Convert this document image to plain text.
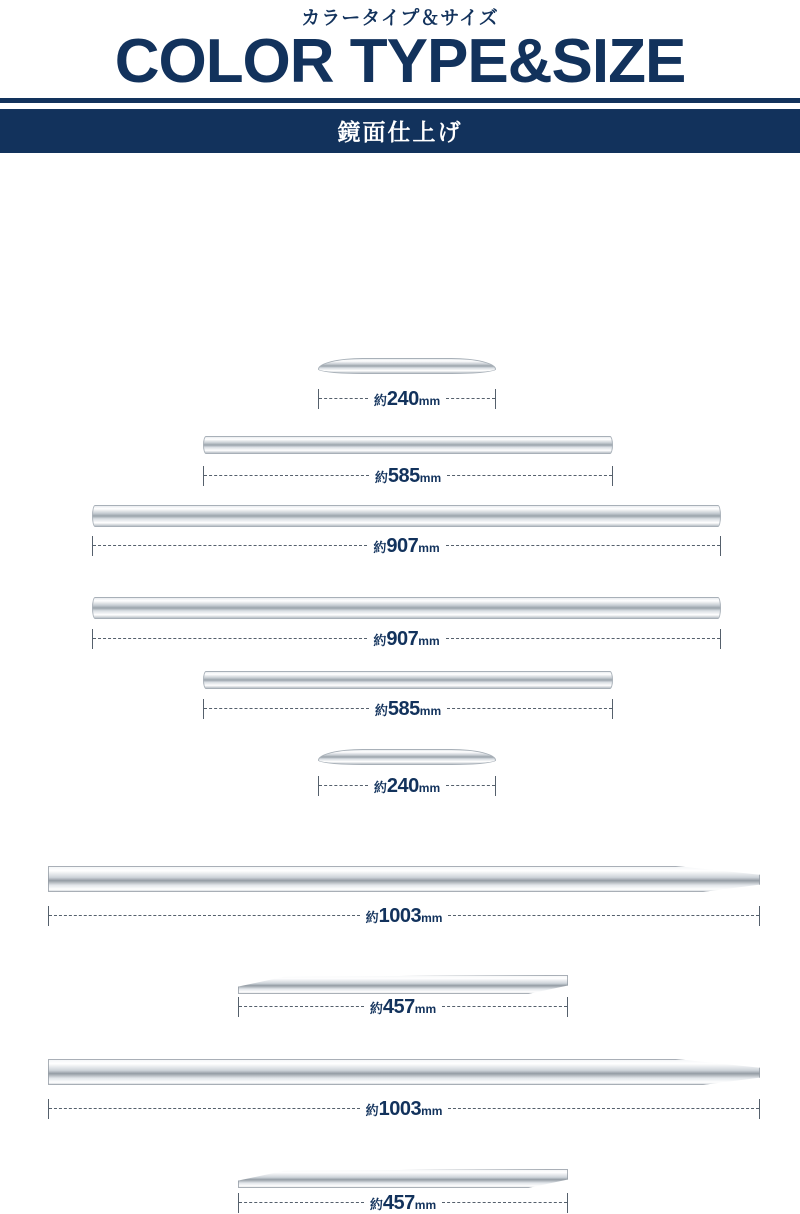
カラータイプ＆サイズ
COLOR TYPE&SIZE
鏡面仕上げ
約240mm
約585mm
約907mm
約907mm
約585mm
約240mm
約1003mm
約457mm
約1003mm
約457mm
